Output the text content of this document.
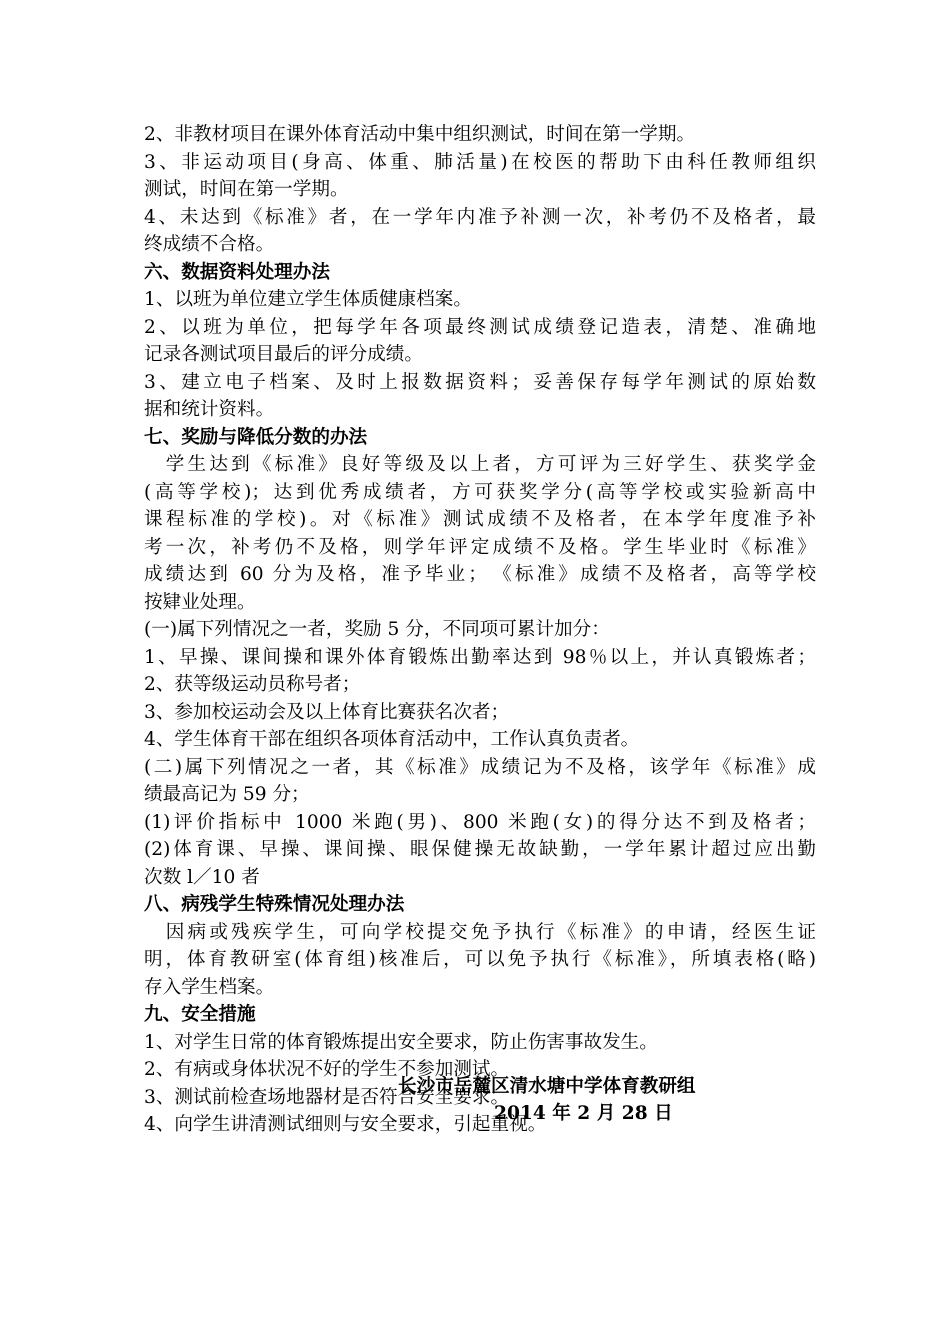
2、非教材项目在课外体育活动中集中组织测试，时间在第一学期。
3、非运动项目(身高、体重、肺活量)在校医的帮助下由科任教师组织
测试，时间在第一学期。
4、未达到《标准》者，在一学年内准予补测一次，补考仍不及格者，最
终成绩不合格。
六、数据资料处理办法
1、以班为单位建立学生体质健康档案。
2、以班为单位，把每学年各项最终测试成绩登记造表，清楚、准确地
记录各测试项目最后的评分成绩。
3、建立电子档案、及时上报数据资料；妥善保存每学年测试的原始数
据和统计资料。
七、奖励与降低分数的办法
　学生达到《标准》良好等级及以上者，方可评为三好学生、获奖学金
(高等学校)；达到优秀成绩者，方可获奖学分(高等学校或实验新高中
课程标准的学校)。对《标准》测试成绩不及格者，在本学年度准予补
考一次，补考仍不及格，则学年评定成绩不及格。学生毕业时《标准》
成绩达到 60 分为及格，准予毕业；　《标准》成绩不及格者，高等学校
按肄业处理。
(一)属下列情况之一者，奖励 5 分，不同项可累计加分：
1、早操、课间操和课外体育锻炼出勤率达到 98％以上，并认真锻炼者；
2、获等级运动员称号者；
3、参加校运动会及以上体育比赛获名次者；
4、学生体育干部在组织各项体育活动中，工作认真负责者。
(二)属下列情况之一者，其《标准》成绩记为不及格，该学年《标准》成
绩最高记为 59 分；
(1)评价指标中 1000 米跑(男)、800 米跑(女)的得分达不到及格者；
(2)体育课、早操、课间操、眼保健操无故缺勤，一学年累计超过应出勤
次数 l／10 者
八、病残学生特殊情况处理办法
　因病或残疾学生，可向学校提交免予执行《标准》的申请，经医生证
明，体育教研室(体育组)核准后，可以免予执行《标准》，所填表格(略)
存入学生档案。
九、安全措施
1、对学生日常的体育锻炼提出安全要求，防止伤害事故发生。
2、有病或身体状况不好的学生不参加测试。
3、测试前检查场地器材是否符合安全要求。
4、向学生讲清测试细则与安全要求，引起重视。
长沙市岳麓区清水塘中学体育教研组
2014 年 2 月 28 日
